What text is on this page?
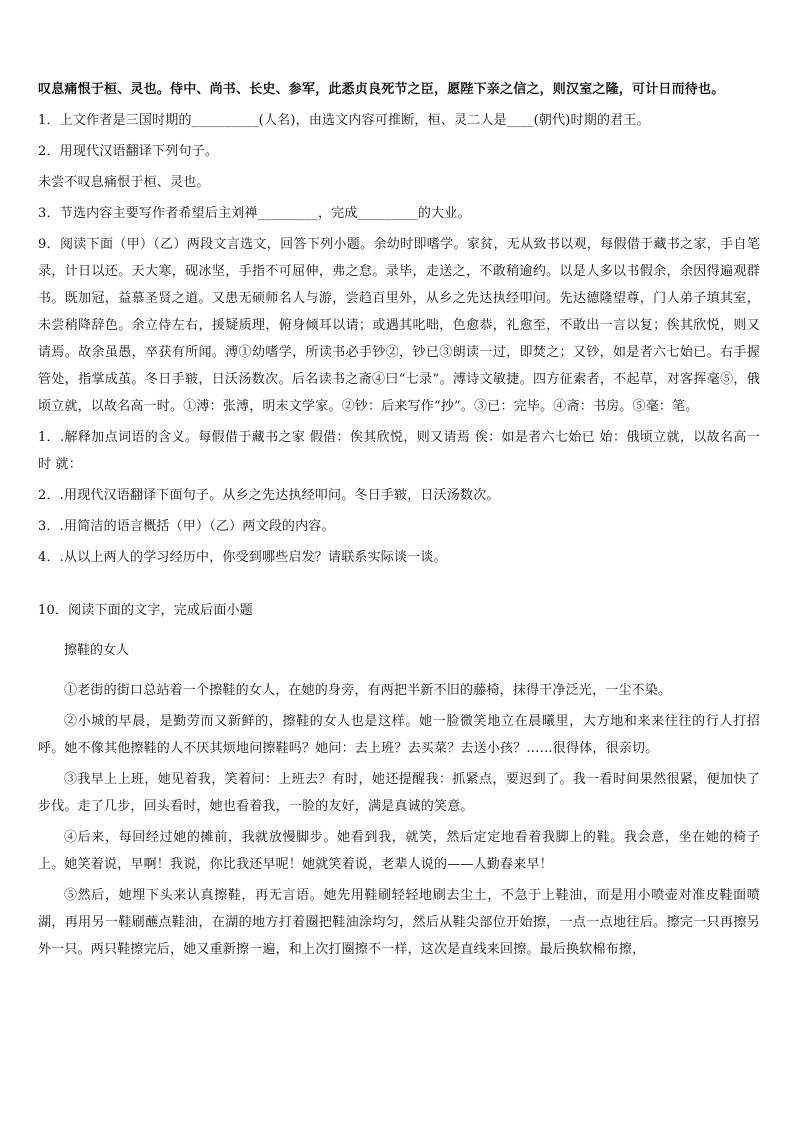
叹息痛恨于桓、灵也。侍中、尚书、长史、参军，此悉贞良死节之臣，愿陛下亲之信之，则汉室之隆，可计日而待也。

1．上文作者是三国时期的__________(人名)，由选文内容可推断，桓、灵二人是____(朝代)时期的君王。

2．用现代汉语翻译下列句子。

未尝不叹息痛恨于桓、灵也。

3．节选内容主要写作者希望后主刘禅_________，完成_________的大业。

9．阅读下面（甲）（乙）两段文言选文，回答下列小题。余幼时即嗜学。家贫，无从致书以观，每假借于藏书之家，手自笔录，计日以还。天大寒，砚冰坚，手指不可屈伸，弗之怠。录毕，走送之，不敢稍逾约。以是人多以书假余，余因得遍观群书。既加冠，益慕圣贤之道。又患无硕师名人与游，尝趋百里外，从乡之先达执经叩问。先达德隆望尊，门人弟子填其室，未尝稍降辞色。余立侍左右，援疑质理，俯身倾耳以请；或遇其叱咄，色愈恭，礼愈至，不敢出一言以复；俟其欣悦，则又请焉。故余虽愚，卒获有所闻。溥①幼嗜学，所读书必手钞②，钞已③朗读一过，即焚之；又钞，如是者六七始已。右手握管处，指掌成茧。冬日手皲，日沃汤数次。后名读书之斋④曰“七录”。溥诗文敏捷。四方征索者，不起草，对客挥毫⑤，俄顷立就，以故名高一时。①溥：张溥，明末文学家。②钞：后来写作“抄”。③已：完毕。④斋：书房。⑤毫：笔。

1．.解释加点词语的含义。每假借于藏书之家 假借：俟其欣悦，则又请焉 俟：如是者六七始已 始：俄顷立就，以故名高一时 就：

2．.用现代汉语翻译下面句子。从乡之先达执经叩问。冬日手皲，日沃汤数次。

3．.用简洁的语言概括（甲）（乙）两文段的内容。

4．.从以上两人的学习经历中，你受到哪些启发？请联系实际谈一谈。

10．阅读下面的文字，完成后面小题

擦鞋的女人

①老街的街口总站着一个擦鞋的女人，在她的身旁，有两把半新不旧的藤椅，抹得干净泛光，一尘不染。

②小城的早晨，是勤劳而又新鲜的，擦鞋的女人也是这样。她一脸微笑地立在晨曦里，大方地和来来往往的行人打招呼。她不像其他擦鞋的人不厌其烦地问擦鞋吗？她问：去上班？去买菜？去送小孩？……很得体，很亲切。

③我早上上班，她见着我，笑着问：上班去？有时，她还提醒我：抓紧点，要迟到了。我一看时间果然很紧，便加快了步伐。走了几步，回头看时，她也看着我，一脸的友好，满是真诚的笑意。

④后来，每回经过她的摊前，我就放慢脚步。她看到我，就笑，然后定定地看着我脚上的鞋。我会意，坐在她的椅子上。她笑着说，早啊！我说，你比我还早呢！她就笑着说，老辈人说的——人勤春来早！

⑤然后，她埋下头来认真擦鞋，再无言语。她先用鞋刷轻轻地刷去尘土，不急于上鞋油，而是用小喷壶对准皮鞋面喷湖，再用另一鞋刷蘸点鞋油，在湖的地方打着圈把鞋油涂均匀，然后从鞋尖部位开始擦，一点一点地往后。擦完一只再擦另外一只。两只鞋擦完后，她又重新擦一遍，和上次打圈擦不一样，这次是直线来回擦。最后换软棉布擦，
